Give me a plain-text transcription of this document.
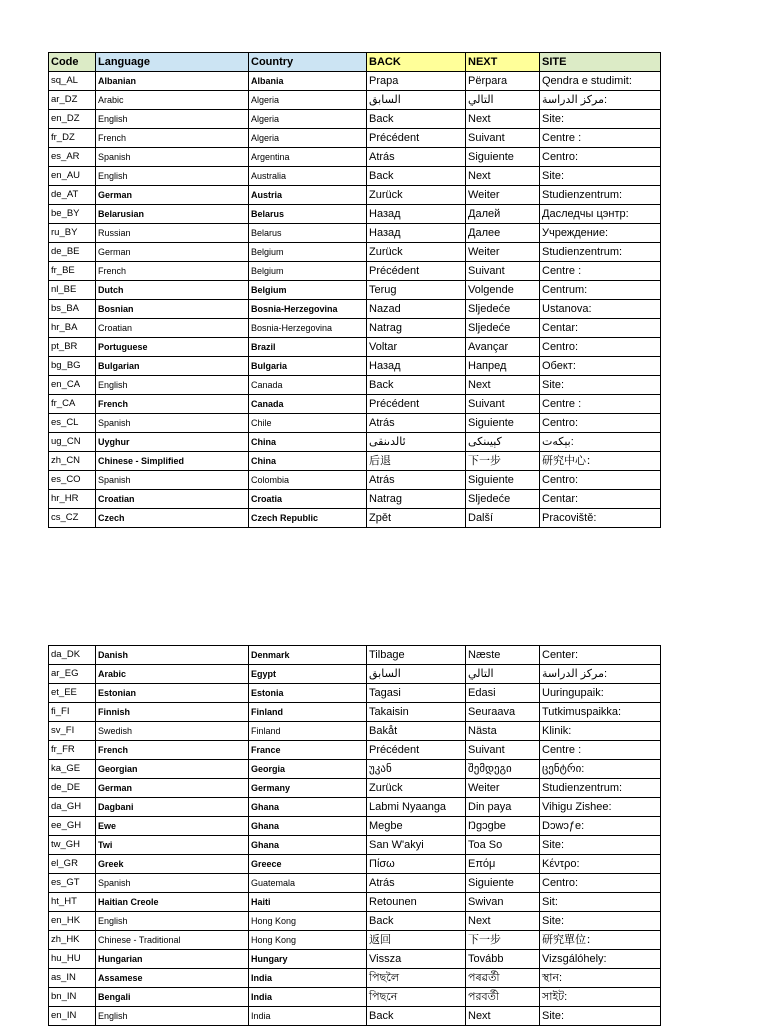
Code	Language	Country	BACK	NEXT	SITE
sq_AL	Albanian	Albania	Prapa	Përpara	Qendra e studimit:
ar_DZ	Arabic	Algeria	السابق	التالي	مركز الدراسة:
en_DZ	English	Algeria	Back	Next	Site:
fr_DZ	French	Algeria	Précédent	Suivant	Centre :
es_AR	Spanish	Argentina	Atrás	Siguiente	Centro:
en_AU	English	Australia	Back	Next	Site:
de_AT	German	Austria	Zurück	Weiter	Studienzentrum:
be_BY	Belarusian	Belarus	Назад	Далей	Даследчы цэнтр:
ru_BY	Russian	Belarus	Назад	Далее	Учреждение:
de_BE	German	Belgium	Zurück	Weiter	Studienzentrum:
fr_BE	French	Belgium	Précédent	Suivant	Centre :
nl_BE	Dutch	Belgium	Terug	Volgende	Centrum:
bs_BA	Bosnian	Bosnia-Herzegovina	Nazad	Sljedeće	Ustanova:
hr_BA	Croatian	Bosnia-Herzegovina	Natrag	Sljedeće	Centar:
pt_BR	Portuguese	Brazil	Voltar	Avançar	Centro:
bg_BG	Bulgarian	Bulgaria	Назад	Напред	Обект:
en_CA	English	Canada	Back	Next	Site:
fr_CA	French	Canada	Précédent	Suivant	Centre :
es_CL	Spanish	Chile	Atrás	Siguiente	Centro:
ug_CN	Uyghur	China	ئالدىنقى	كېيىنكى	بېكەت:
zh_CN	Chinese - Simplified	China	后退	下一步	研究中心：
es_CO	Spanish	Colombia	Atrás	Siguiente	Centro:
hr_HR	Croatian	Croatia	Natrag	Sljedeće	Centar:
cs_CZ	Czech	Czech Republic	Zpět	Další	Pracoviště:
da_DK	Danish	Denmark	Tilbage	Næste	Center:
ar_EG	Arabic	Egypt	السابق	التالي	مركز الدراسة:
et_EE	Estonian	Estonia	Tagasi	Edasi	Uuringupaik:
fi_FI	Finnish	Finland	Takaisin	Seuraava	Tutkimuspaikka:
sv_FI	Swedish	Finland	Bakåt	Nästa	Klinik:
fr_FR	French	France	Précédent	Suivant	Centre :
ka_GE	Georgian	Georgia	უკან	შემდეგი	ცენტრი:
de_DE	German	Germany	Zurück	Weiter	Studienzentrum:
da_GH	Dagbani	Ghana	Labmi Nyaanga	Din paya	Vihigu Zishee:
ee_GH	Ewe	Ghana	Megbe	Ŋgɔgbe	Dɔwɔƒe:
tw_GH	Twi	Ghana	San W'akyi	Toa So	Site:
el_GR	Greek	Greece	Πίσω	Επόμ	Κέντρο:
es_GT	Spanish	Guatemala	Atrás	Siguiente	Centro:
ht_HT	Haitian Creole	Haiti	Retounen	Swivan	Sit:
en_HK	English	Hong Kong	Back	Next	Site:
zh_HK	Chinese - Traditional	Hong Kong	返回	下一步	研究單位：
hu_HU	Hungarian	Hungary	Vissza	Tovább	Vizsgálóhely:
as_IN	Assamese	India	পিছলৈ	পৰৱৰ্তী	স্থান:
bn_IN	Bengali	India	পিছনে	পরবর্তী	সাইট:
en_IN	English	India	Back	Next	Site:
